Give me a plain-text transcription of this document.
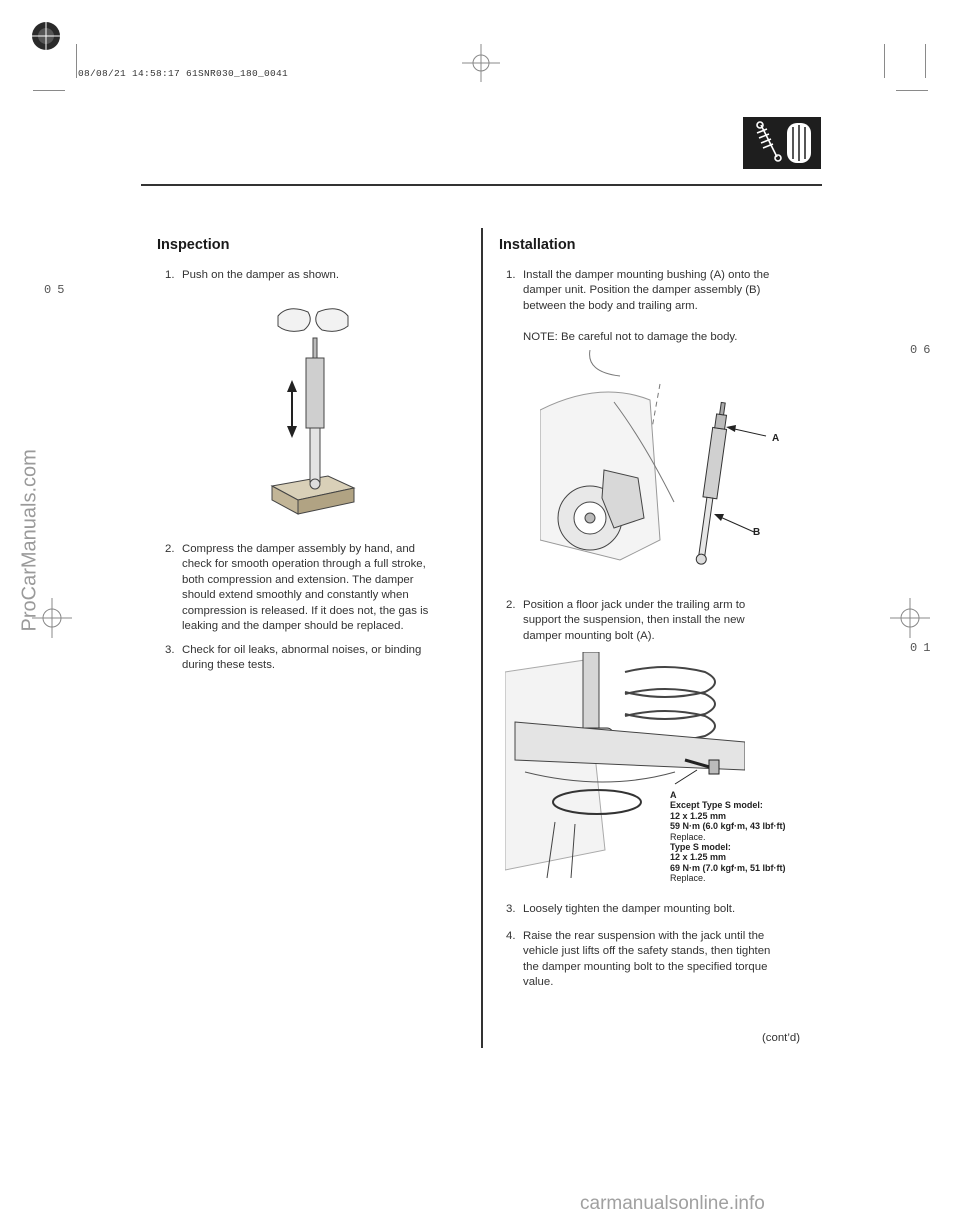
08/08/21 14:58:17 61SNR030_180_0041
05
06
01
ProCarManuals.com
carmanualsonline.info
Inspection
1. Push on the damper as shown.
2. Compress the damper assembly by hand, and
check for smooth operation through a full stroke,
both compression and extension. The damper
should extend smoothly and constantly when
compression is released. If it does not, the gas is
leaking and the damper should be replaced.
3. Check for oil leaks, abnormal noises, or binding
during these tests.
Installation
1. Install the damper mounting bushing (A) onto the
damper unit. Position the damper assembly (B)
between the body and trailing arm.
NOTE: Be careful not to damage the body.
A
B
2. Position a floor jack under the trailing arm to
support the suspension, then install the new
damper mounting bolt (A).
A
Except Type S model:
12 x 1.25 mm
59 N·m (6.0 kgf·m, 43 lbf·ft)
Replace.
Type S model:
12 x 1.25 mm
69 N·m (7.0 kgf·m, 51 lbf·ft)
Replace.
3. Loosely tighten the damper mounting bolt.
4. Raise the rear suspension with the jack until the
vehicle just lifts off the safety stands, then tighten
the damper mounting bolt to the specified torque
value.
(cont’d)
